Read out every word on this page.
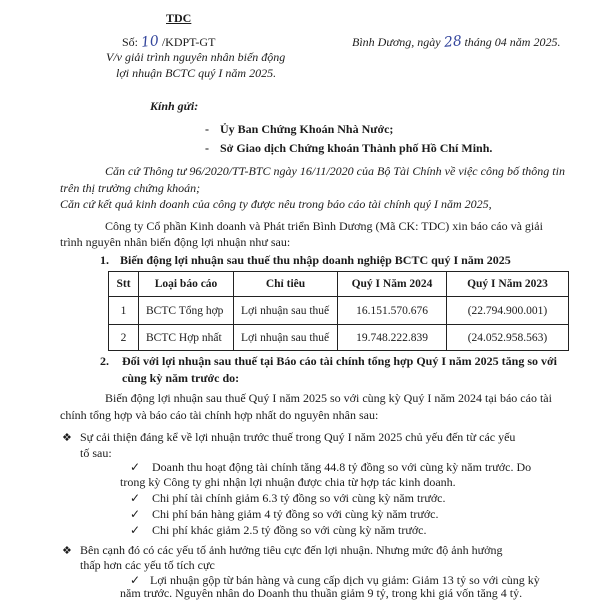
TDC
Số: 10 /KDPT-GT
V/v giải trình nguyên nhân biến động
lợi nhuận BCTC quý I năm 2025.
Bình Dương, ngày 28 tháng 04 năm 2025.
Kính gửi:
- Ủy Ban Chứng Khoán Nhà Nước;
- Sở Giao dịch Chứng khoán Thành phố Hồ Chí Minh.
Căn cứ Thông tư 96/2020/TT-BTC ngày 16/11/2020 của Bộ Tài Chính về việc công bố thông tin
trên thị trường chứng khoán;
Căn cứ kết quả kinh doanh của công ty được nêu trong báo cáo tài chính quý I năm 2025,
Công ty Cổ phần Kinh doanh và Phát triển Bình Dương (Mã CK: TDC) xin báo cáo và giải
trình nguyên nhân biến động lợi nhuận như sau:
1. Biến động lợi nhuận sau thuế thu nhập doanh nghiệp BCTC quý I năm 2025
Stt	Loại báo cáo	Chỉ tiêu	Quý I Năm 2024	Quý I Năm 2023
1	BCTC Tổng hợp	Lợi nhuận sau thuế	16.151.570.676	(22.794.900.001)
2	BCTC Hợp nhất	Lợi nhuận sau thuế	19.748.222.839	(24.052.958.563)
2. Đối với lợi nhuận sau thuế tại Báo cáo tài chính tổng hợp Quý I năm 2025 tăng so với
cùng kỳ năm trước do:
Biến động lợi nhuận sau thuế Quý I năm 2025 so với cùng kỳ Quý I năm 2024 tại báo cáo tài
chính tổng hợp và báo cáo tài chính hợp nhất do nguyên nhân sau:
❖
Sự cải thiện đáng kể về lợi nhuận trước thuế trong Quý I năm 2025 chủ yếu đến từ các yếu
tố sau:
✓
Doanh thu hoạt động tài chính tăng 44.8 tỷ đồng so với cùng kỳ năm trước. Do
trong kỳ Công ty ghi nhận lợi nhuận được chia từ hợp tác kinh doanh.
✓
Chi phí tài chính giảm 6.3 tỷ đồng so với cùng kỳ năm trước.
✓
Chi phí bán hàng giảm 4 tỷ đồng so với cùng kỳ năm trước.
✓
Chi phí khác giảm 2.5 tỷ đồng so với cùng kỳ năm trước.
❖
Bên cạnh đó có các yếu tố ảnh hưởng tiêu cực đến lợi nhuận. Nhưng mức độ ảnh hưởng
thấp hơn các yếu tố tích cực
✓
Lợi nhuận gộp từ bán hàng và cung cấp dịch vụ giảm: Giảm 13 tỷ so với cùng kỳ
năm trước. Nguyên nhân do Doanh thu thuần giảm 9 tỷ, trong khi giá vốn tăng 4 tỷ.
